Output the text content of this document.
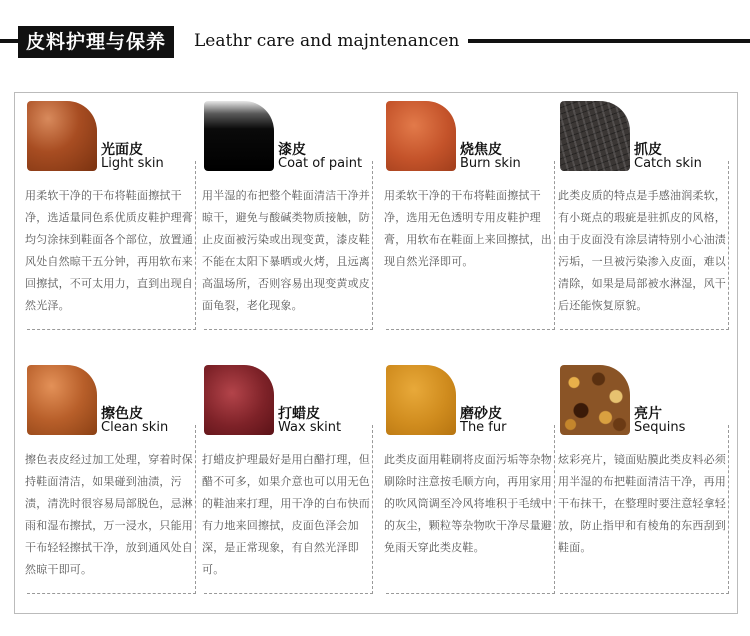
皮料护理与保养	Leathr care and majntenancen
光面皮
Light skin
用柔软干净的干布将鞋面擦拭干净，选适量同色系优质皮鞋护理膏均匀涂抹到鞋面各个部位，放置通风处自然晾干五分钟，再用软布来回擦拭，不可太用力，直到出现自然光泽。
漆皮
Coat of paint
用半湿的布把整个鞋面清洁干净并晾干，避免与酸碱类物质接触，防止皮面被污染或出现变黄，漆皮鞋不能在太阳下暴晒或火烤，且远离高温场所，否则容易出现变黄或皮面龟裂，老化现象。
烧焦皮
Burn skin
用柔软干净的干布将鞋面擦拭干净，选用无色透明专用皮鞋护理膏，用软布在鞋面上来回擦拭，出现自然光泽即可。
抓皮
Catch skin
此类皮质的特点是手感油润柔软，有小斑点的瑕疵是驻抓皮的风格，由于皮面没有涂层请特别小心油渍污垢，一旦被污染渗入皮面，难以清除，如果是局部被水淋湿，风干后还能恢复原貌。
擦色皮
Clean skin
擦色表皮经过加工处理，穿着时保持鞋面清洁，如果碰到油渍，污渍，清洗时很容易局部脱色，忌淋雨和湿布擦拭，万一浸水，只能用干布轻轻擦拭干净，放到通风处自然晾干即可。
打蜡皮
Wax skint
打蜡皮护理最好是用白醋打理，但醋不可多，如果介意也可以用无色的鞋油来打理，用干净的白布快而有力地来回擦拭，皮面色泽会加深，是正常现象，有自然光泽即可。
磨砂皮
The fur
此类皮面用鞋刷将皮面污垢等杂物刷除时注意按毛顺方向，再用家用的吹风筒调至冷风将堆积于毛绒中的灰尘，颗粒等杂物吹干净尽量避免雨天穿此类皮鞋。
亮片
Sequins
炫彩亮片，镜面贴膜此类皮料必须用半湿的布把鞋面清洁干净，再用干布抹干，在整理时要注意轻拿轻放，防止指甲和有棱角的东西刮到鞋面。
